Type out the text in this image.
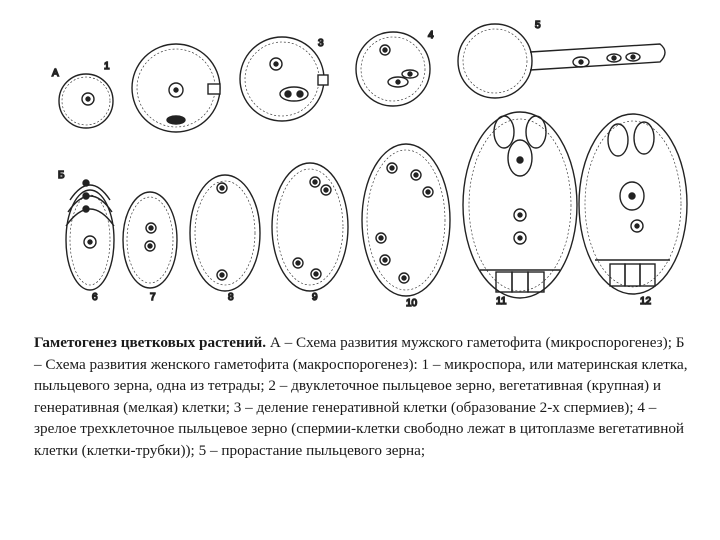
А
1
3
4
5
Б
6	7	8	9
10	11	12
Гаметогенез цветковых растений. А – Схема развития мужского гаметофита (микроспорогенез); Б – Схема развития женского гаметофита (макроспорогенез): 1 – микроспора, или материнская клетка, пыльцевого зерна, одна из тетрады; 2 – двуклеточное пыльцевое зерно, вегетативная (крупная) и генеративная (мелкая) клетки; 3 – деление генеративной клетки (образование 2-х спермиев); 4 – зрелое трехклеточное пыльцевое зерно (спермии-клетки свободно лежат в цитоплазме вегетативной клетки (клетки-трубки)); 5 – прорастание пыльцевого зерна;
